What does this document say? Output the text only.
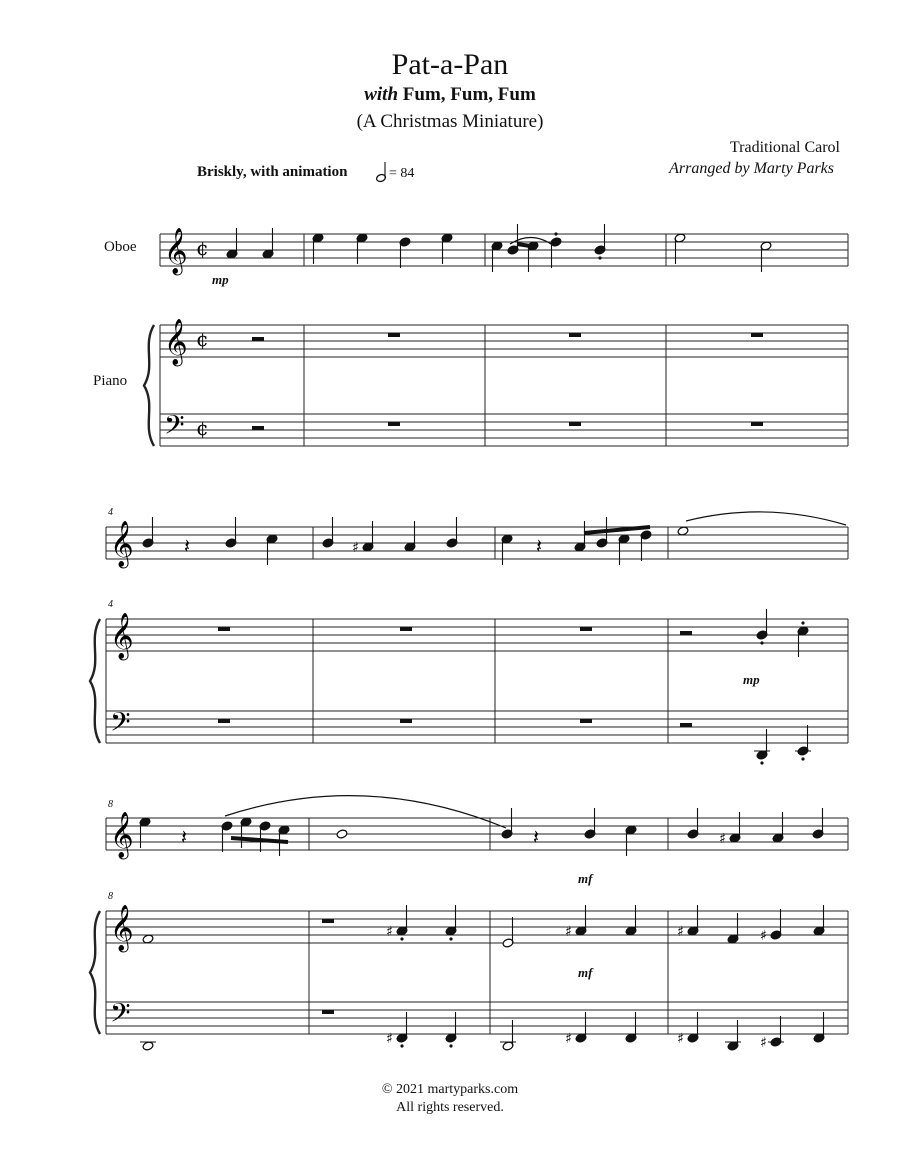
Pat-a-Pan
with Fum, Fum, Fum
(A Christmas Miniature)
Traditional Carol
Arranged by Marty Parks
Briskly, with animation	= 84
Oboe
Piano
4
4
8
8
mp
mp
mf
mf
𝄞
𝄞
𝄢
¢
¢
¢
𝄞
𝄞
𝄢
𝄞
𝄞
𝄢
𝄽	♯	𝄽
𝄽	𝄽	♯
♯	♯	♯	♯
♯	♯	♯	♯
© 2021 martyparks.com
All rights reserved.
